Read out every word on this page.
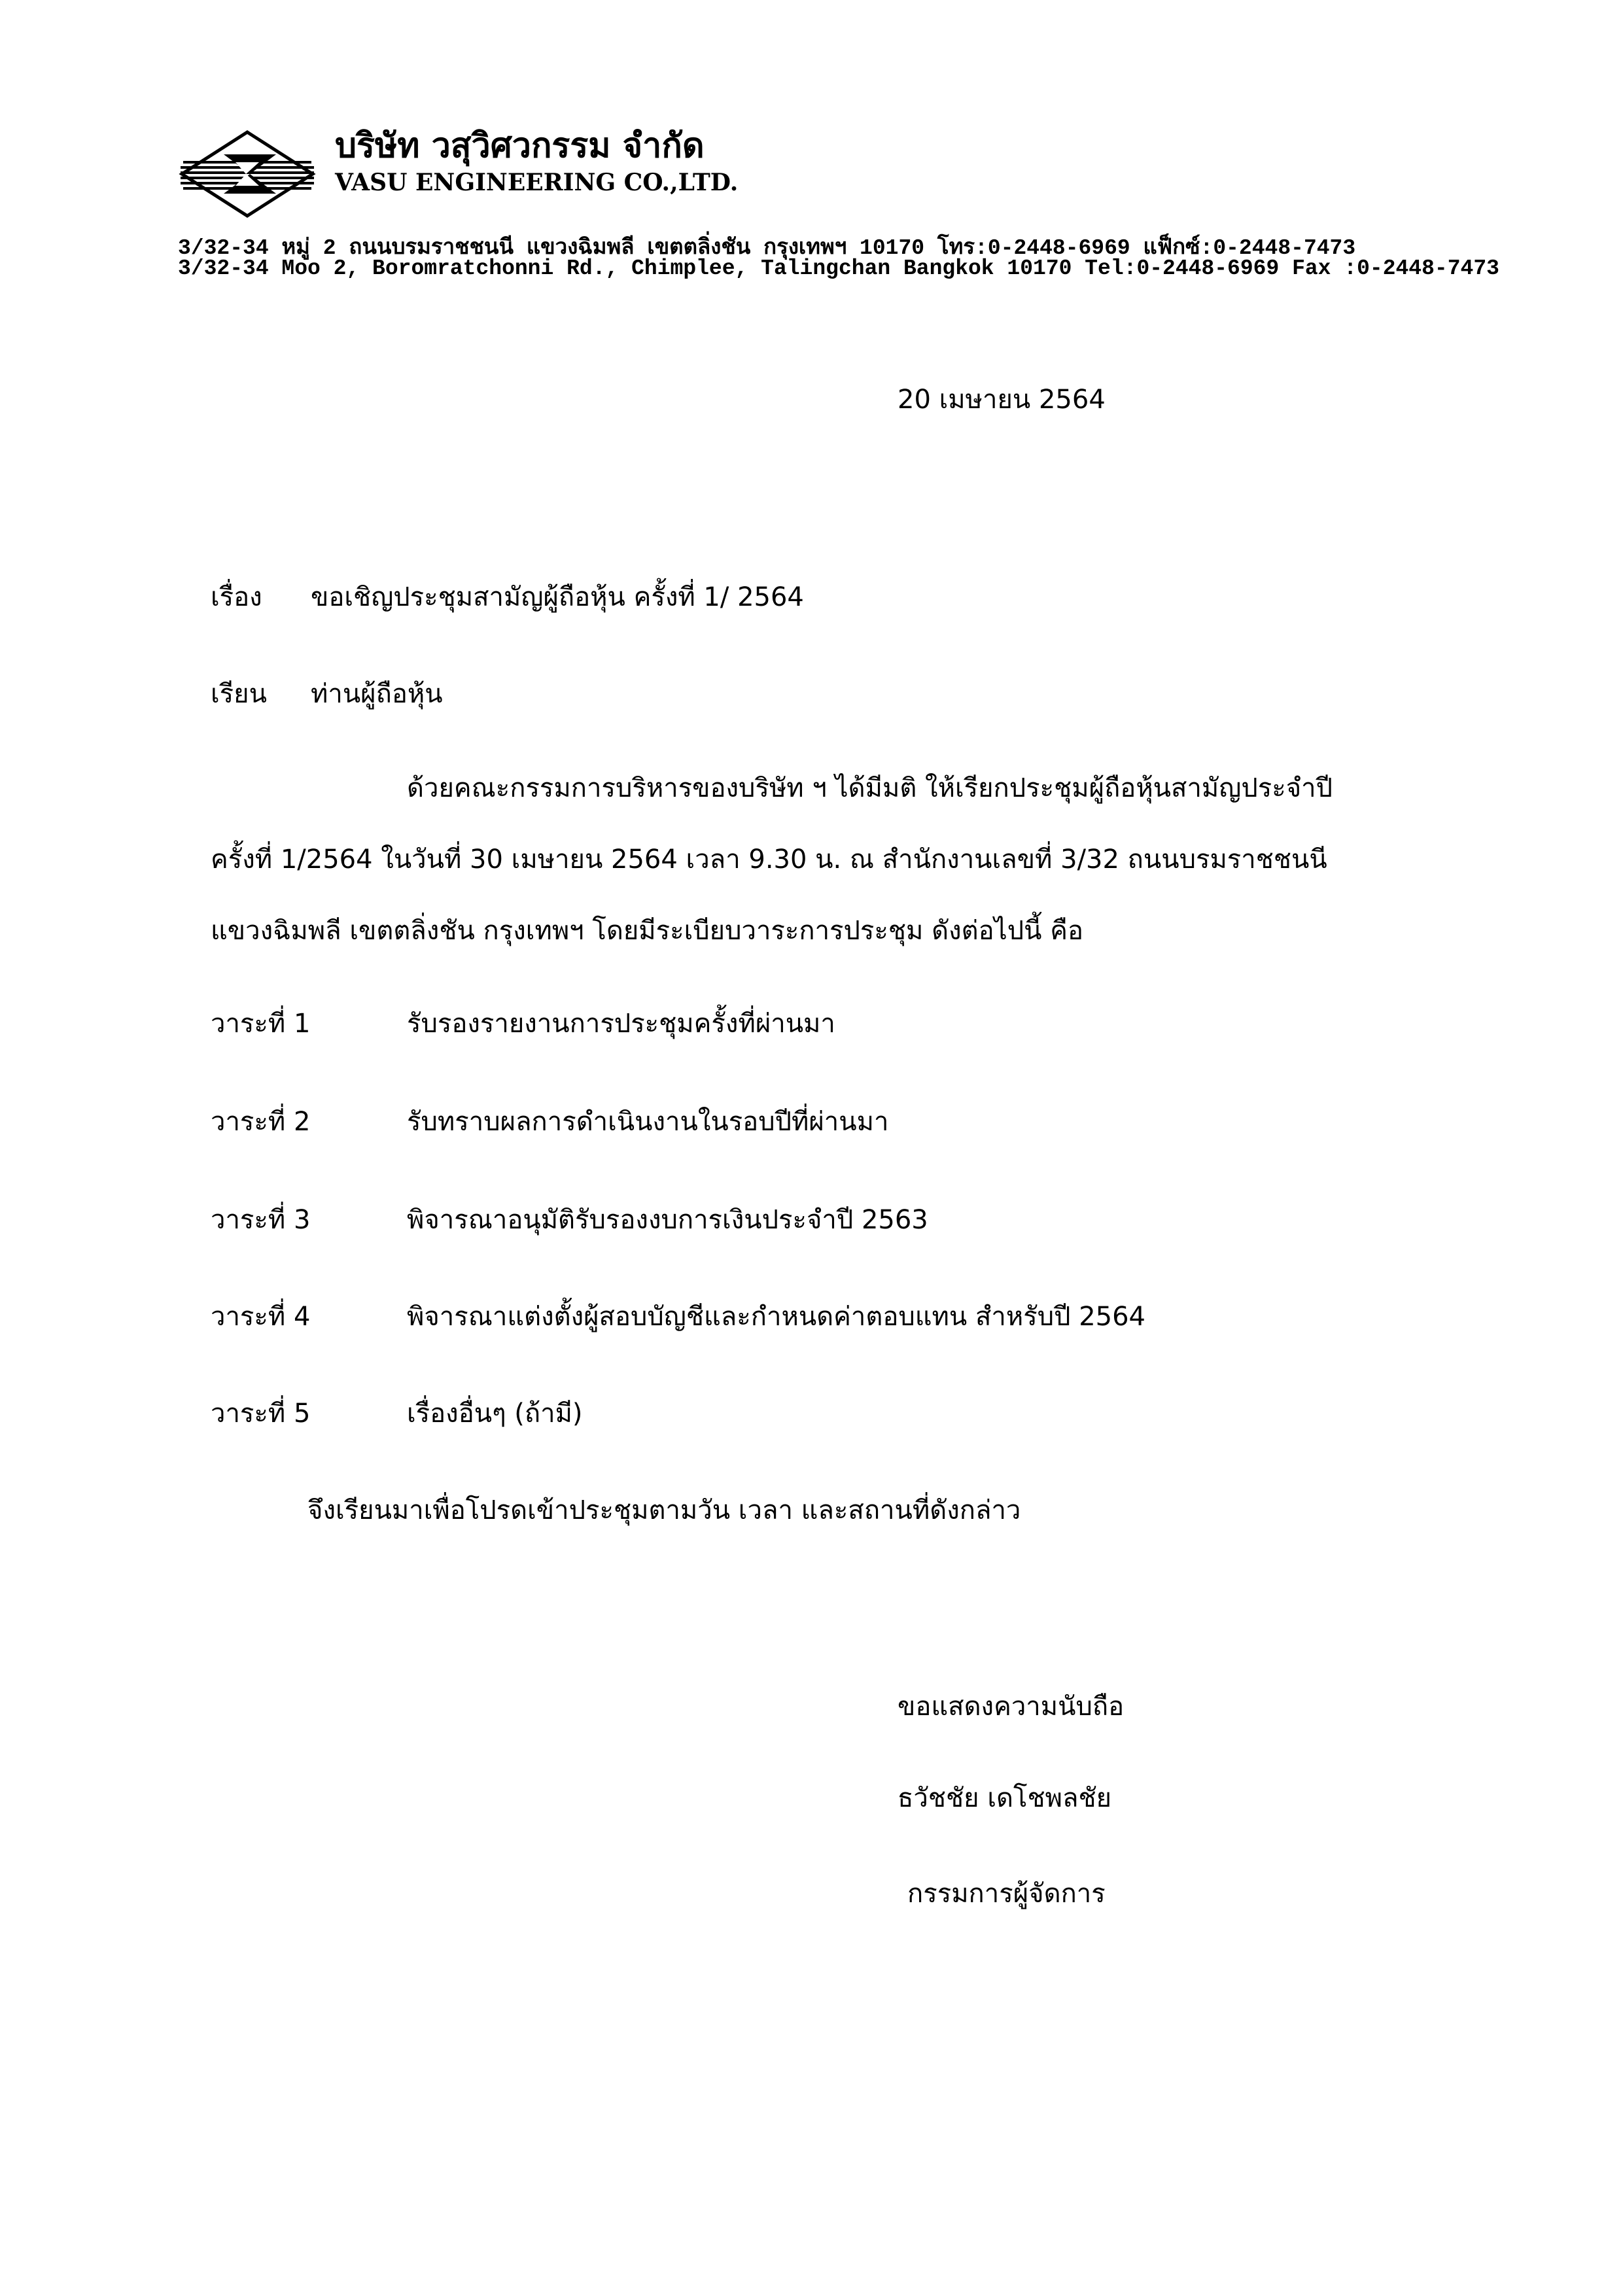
บริษัท วสุวิศวกรรม จำกัด
VASU ENGINEERING CO.,LTD.
3/32-34 หมู่ 2 ถนนบรมราชชนนี แขวงฉิมพลี เขตตลิ่งชัน กรุงเทพฯ 10170 โทร:0-2448-6969 แฟ็กซ์:0-2448-7473
3/32-34 Moo 2, Boromratchonni Rd., Chimplee, Talingchan Bangkok 10170 Tel:0-2448-6969 Fax :0-2448-7473
20 เมษายน 2564
เรื่อง ขอเชิญประชุมสามัญผู้ถือหุ้น ครั้งที่ 1/ 2564
เรียน ท่านผู้ถือหุ้น
ด้วยคณะกรรมการบริหารของบริษัท ฯ ได้มีมติ ให้เรียกประชุมผู้ถือหุ้นสามัญประจำปี
ครั้งที่ 1/2564 ในวันที่ 30 เมษายน 2564 เวลา 9.30 น. ณ สำนักงานเลขที่ 3/32 ถนนบรมราชชนนี
แขวงฉิมพลี เขตตลิ่งชัน กรุงเทพฯ โดยมีระเบียบวาระการประชุม ดังต่อไปนี้ คือ
วาระที่ 1	รับรองรายงานการประชุมครั้งที่ผ่านมา
วาระที่ 2	รับทราบผลการดำเนินงานในรอบปีที่ผ่านมา
วาระที่ 3	พิจารณาอนุมัติรับรองงบการเงินประจำปี 2563
วาระที่ 4	พิจารณาแต่งตั้งผู้สอบบัญชีและกำหนดค่าตอบแทน สำหรับปี 2564
วาระที่ 5	เรื่องอื่นๆ (ถ้ามี)
จึงเรียนมาเพื่อโปรดเข้าประชุมตามวัน เวลา และสถานที่ดังกล่าว
ขอแสดงความนับถือ
ธวัชชัย เดโชพลชัย
กรรมการผู้จัดการ
